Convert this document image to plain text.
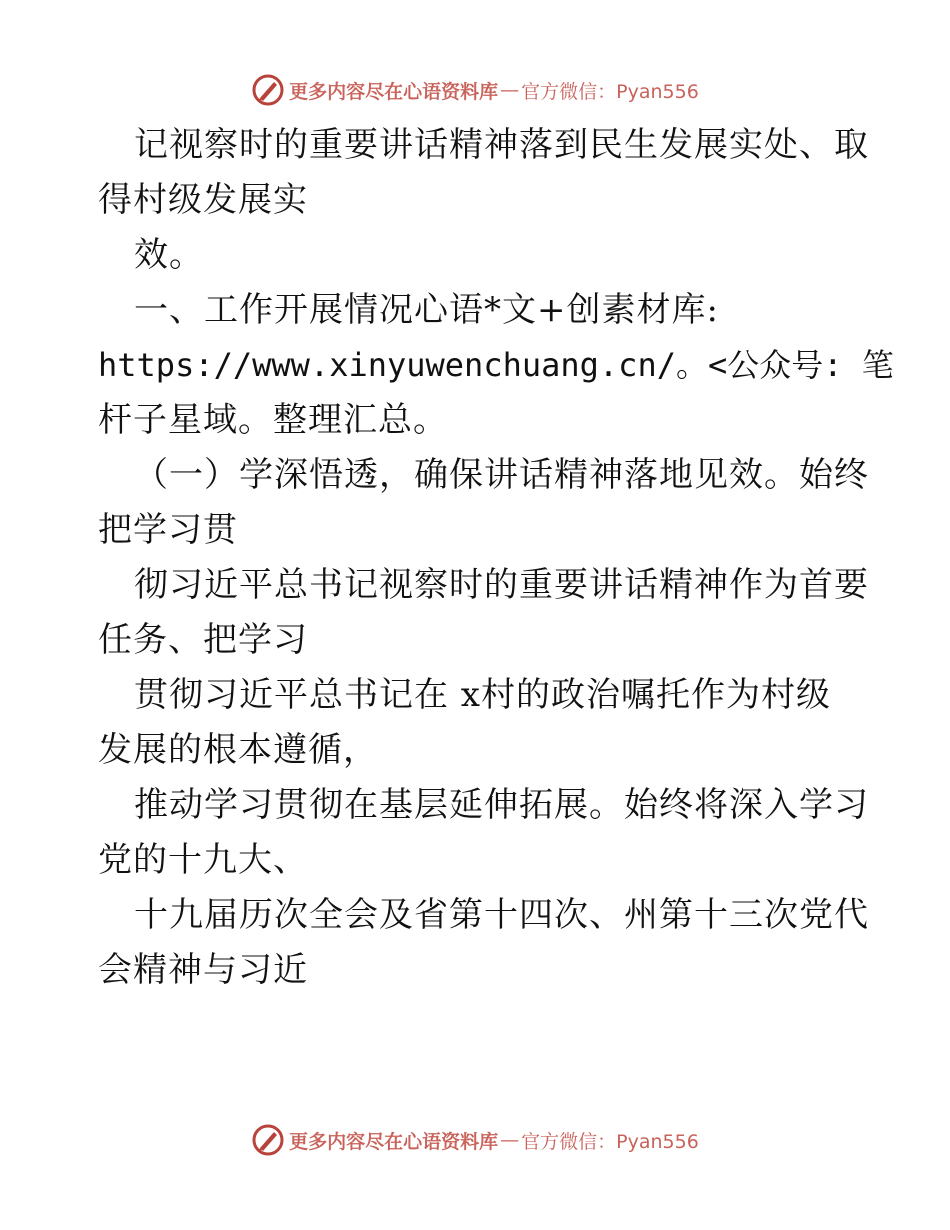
更多内容尽在心语资料库 — 官方微信：Pyan556
记视察时的重要讲话精神落到民生发展实处、取
得村级发展实
效。
一、工作开展情况心语*文+创素材库:
https://www.xinyuwenchuang.cn/。<公众号: 笔
杆子星域。整理汇总。
（一）学深悟透，确保讲话精神落地见效。始终
把学习贯
彻习近平总书记视察时的重要讲话精神作为首要
任务、把学习
贯彻习近平总书记在 x村的政治嘱托作为村级
发展的根本遵循，
推动学习贯彻在基层延伸拓展。始终将深入学习
党的十九大、
十九届历次全会及省第十四次、州第十三次党代
会精神与习近
更多内容尽在心语资料库 — 官方微信：Pyan556
